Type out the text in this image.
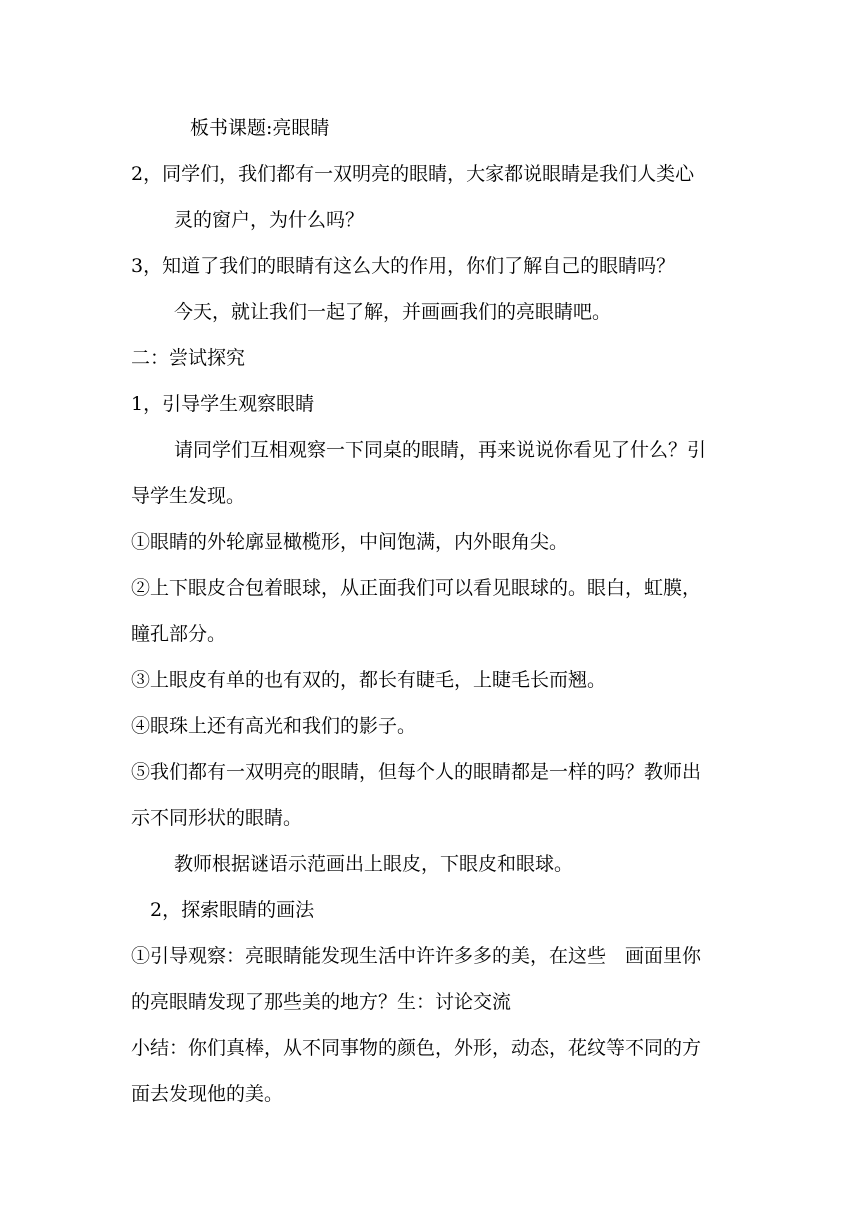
板书课题:亮眼睛
2，同学们，我们都有一双明亮的眼睛，大家都说眼睛是我们人类心
灵的窗户，为什么吗？
3，知道了我们的眼睛有这么大的作用，你们了解自己的眼睛吗？
今天，就让我们一起了解，并画画我们的亮眼睛吧。
二：尝试探究
1，引导学生观察眼睛
请同学们互相观察一下同桌的眼睛，再来说说你看见了什么？引
导学生发现。
①眼睛的外轮廓显橄榄形，中间饱满，内外眼角尖。
②上下眼皮合包着眼球，从正面我们可以看见眼球的。眼白，虹膜，
瞳孔部分。
③上眼皮有单的也有双的，都长有睫毛，上睫毛长而翘。
④眼珠上还有高光和我们的影子。
⑤我们都有一双明亮的眼睛，但每个人的眼睛都是一样的吗？教师出
示不同形状的眼睛。
教师根据谜语示范画出上眼皮，下眼皮和眼球。
2，探索眼睛的画法
①引导观察：亮眼睛能发现生活中许许多多的美，在这些　画面里你
的亮眼睛发现了那些美的地方？生：讨论交流
小结：你们真棒，从不同事物的颜色，外形，动态，花纹等不同的方
面去发现他的美。
